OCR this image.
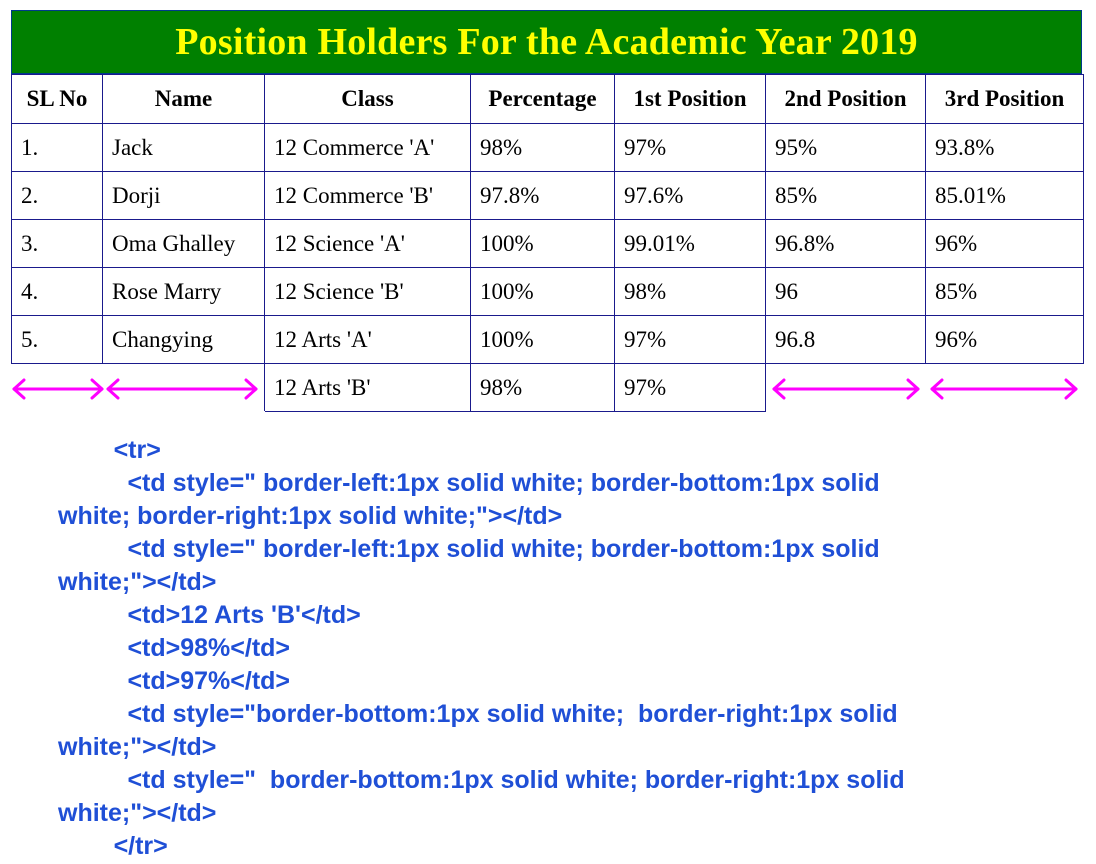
Position Holders For the Academic Year 2019
SL No	Name	Class	Percentage	1st Position	2nd Position	3rd Position
1.	Jack	12 Commerce 'A'	98%	97%	95%	93.8%
2.	Dorji	12 Commerce 'B'	97.8%	97.6%	85%	85.01%
3.	Oma Ghalley	12 Science 'A'	100%	99.01%	96.8%	96%
4.	Rose Marry	12 Science 'B'	100%	98%	96	85%
5.	Changying	12 Arts 'A'	100%	97%	96.8	96%
		12 Arts 'B'	98%	97%		
<tr>
<td style=" border-left:1px solid white; border-bottom:1px solid
white; border-right:1px solid white;"></td>
<td style=" border-left:1px solid white; border-bottom:1px solid
white;"></td>
<td>12 Arts 'B'</td>
<td>98%</td>
<td>97%</td>
<td style="border-bottom:1px solid white;  border-right:1px solid
white;"></td>
<td style="  border-bottom:1px solid white; border-right:1px solid
white;"></td>
</tr>
